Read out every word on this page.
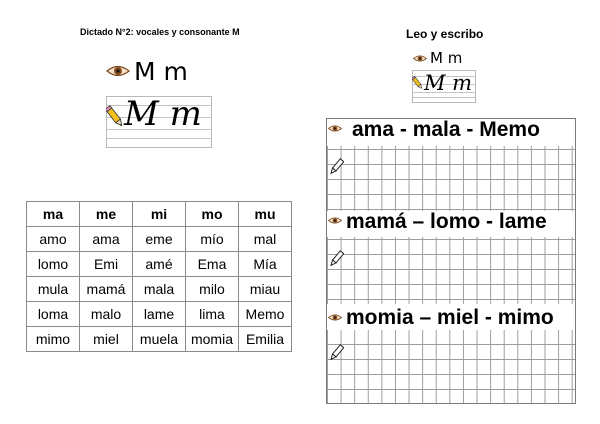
Dictado N°2: vocales y consonante M
M m
M m
ma	me	mi	mo	mu
amo	ama	eme	mío	mal
lomo	Emi	amé	Ema	Mía
mula	mamá	mala	milo	miau
loma	malo	lame	lima	Memo
mimo	miel	muela	momia	Emilia
Leo y escribo
M m
M m
ama - mala - Memo
mamá – lomo - lame
momia – miel - mimo
